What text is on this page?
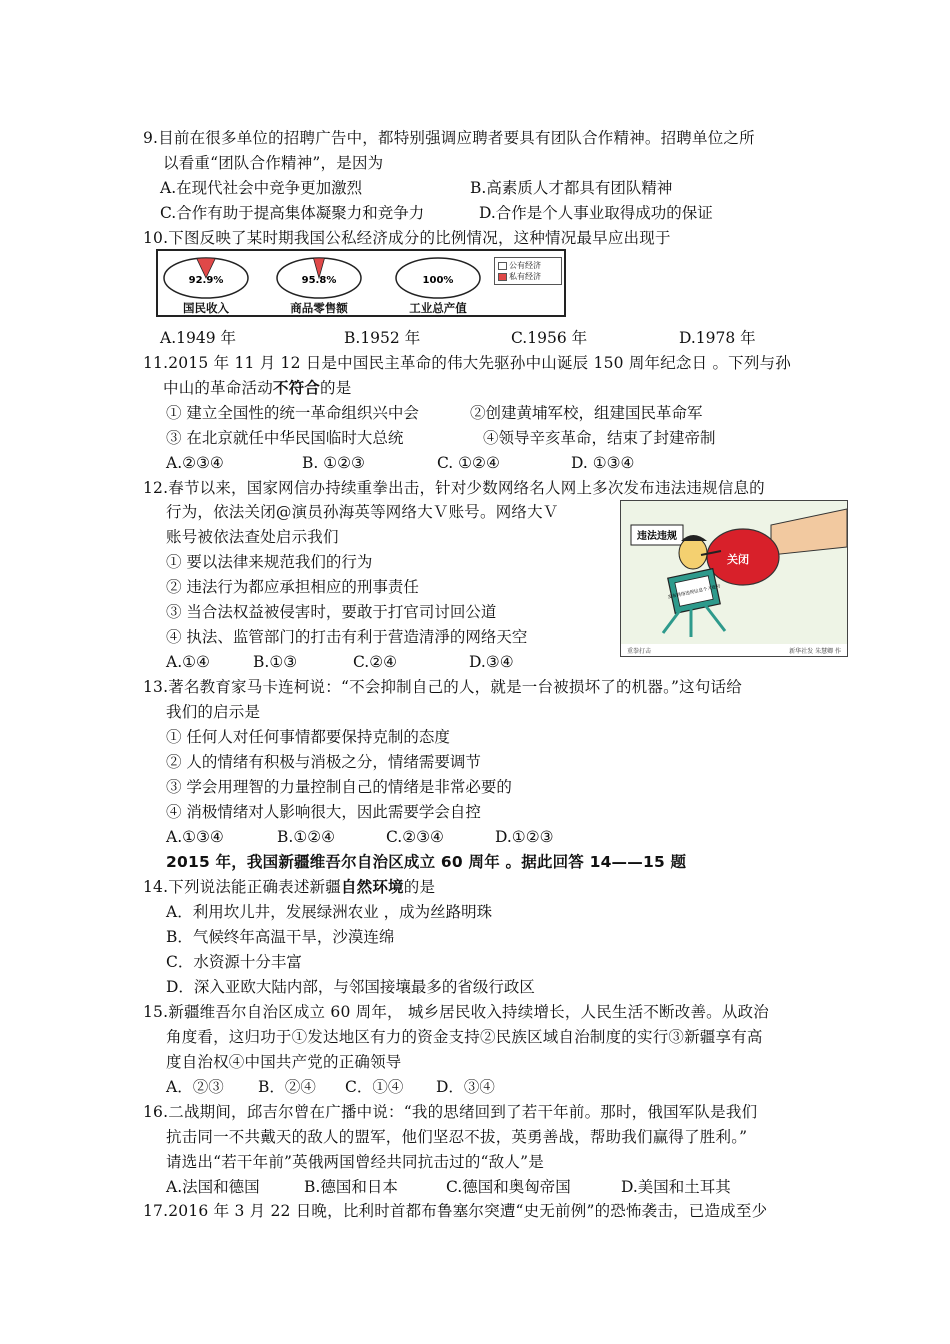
9.目前在很多单位的招聘广告中，都特别强调应聘者要具有团队合作精神。招聘单位之所
以看重“团队合作精神”，是因为
A.在现代社会中竞争更加激烈	B.高素质人才都具有团队精神
C.合作有助于提高集体凝聚力和竞争力	D.合作是个人事业取得成功的保证
10.下图反映了某时期我国公私经济成分的比例情况，这种情况最早应出现于
92.9%
国民收入
95.8%
商品零售额
100%
工业总产值
公有经济
私有经济
A.1949 年	B.1952 年	C.1956 年	D.1978 年
11.2015 年 11 月 12 日是中国民主革命的伟大先驱孙中山诞辰 150 周年纪念日 。下列与孙
中山的革命活动不符合的是
① 建立全国性的统一革命组织兴中会	②创建黄埔军校，组建国民革命军
③ 在北京就任中华民国临时大总统	④领导辛亥革命，结束了封建帝制
A.②③④	B. ①②③	C. ①②④	D. ①③④
12.春节以来，国家网信办持续重拳出击，针对少数网络名人网上多次发布违法违规信息的
行为，依法关闭@演员孙海英等网络大Ｖ账号。网络大Ｖ
账号被依法查处启示我们
① 要以法律来规范我们的行为
② 违法行为都应承担相应的刑事责任
③ 当合法权益被侵害时，要敢于打官司讨回公道
④ 执法、监管部门的打击有利于营造清淨的网络天空
A.①④	B.①③	C.②④	D.③④
违法违规
关闭
发布网络违规信息个人账号
重拳打击	新华社发 朱慧卿 作
13.著名教育家马卡连柯说：“不会抑制自己的人，就是一台被损坏了的机器。”这句话给
我们的启示是
① 任何人对任何事情都要保持克制的态度
② 人的情绪有积极与消极之分，情绪需要调节
③ 学会用理智的力量控制自己的情绪是非常必要的
④ 消极情绪对人影响很大，因此需要学会自控
A.①③④	B.①②④	C.②③④	D.①②③
2015 年，我国新疆维吾尔自治区成立 60 周年 。据此回答 14——15 题
14.下列说法能正确表述新疆自然环境的是
A．利用坎儿井，发展绿洲农业 ，成为丝路明珠
B．气候终年高温干旱，沙漠连绵
C．水资源十分丰富
D．深入亚欧大陆内部，与邻国接壤最多的省级行政区
15.新疆维吾尔自治区成立 60 周年， 城乡居民收入持续增长，人民生活不断改善。从政治
角度看，这归功于①发达地区有力的资金支持②民族区域自治制度的实行③新疆享有高
度自治权④中国共产党的正确领导
A．②③ B．②④ C．①④ D．③④
16.二战期间，邱吉尔曾在广播中说：“我的思绪回到了若干年前。那时，俄国军队是我们
抗击同一不共戴天的敌人的盟军，他们坚忍不拔，英勇善战，帮助我们赢得了胜利。”
请选出“若干年前”英俄两国曾经共同抗击过的“敌人”是
A.法国和德国	B.德国和日本	C.德国和奥匈帝国	D.美国和土耳其
17.2016 年 3 月 22 日晚，比利时首都布鲁塞尔突遭“史无前例”的恐怖袭击，已造成至少
